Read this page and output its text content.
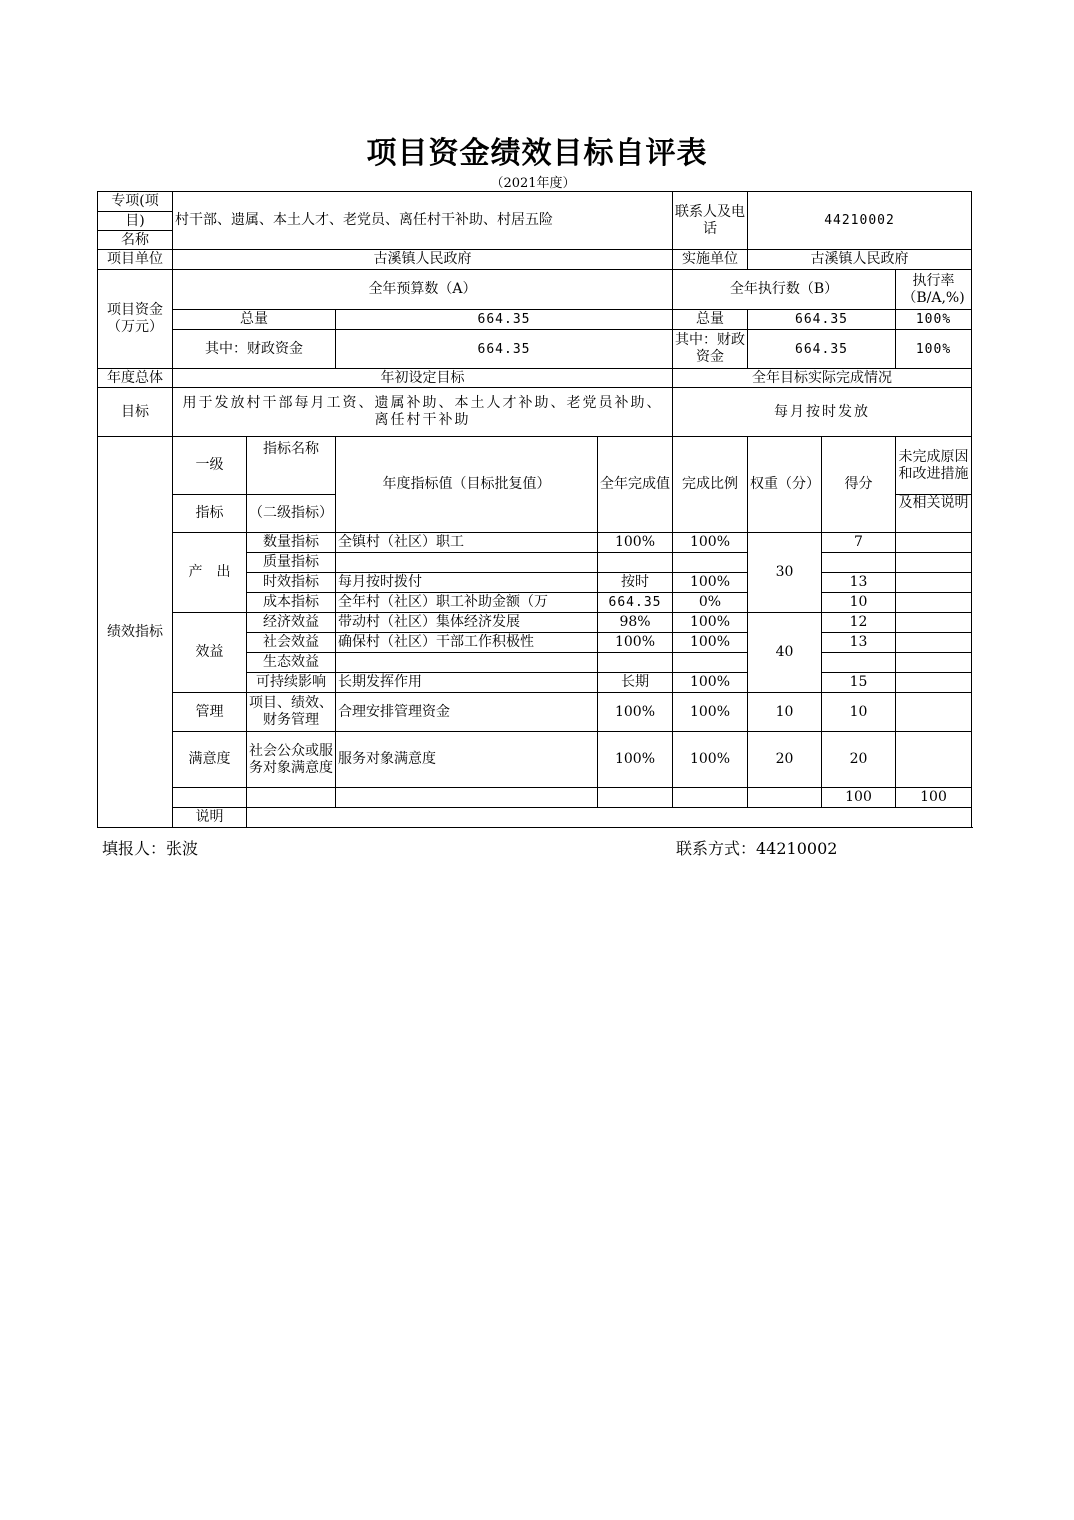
项目资金绩效目标自评表
（2021年度）
专项(项	村干部、遗属、本土人才、老党员、离任村干补助、村居五险				联系人及电话	44210002			
目)									
名称									
项目单位	古溪镇人民政府				实施单位	古溪镇人民政府			
项目资金（万元）	全年预算数（A）				全年执行数（B）			执行率（B/A,%)	
	总量		664.35		总量	664.35		100%	
	其中：财政资金		664.35		其中：财政资金	664.35		100%	
年度总体	年初设定目标				全年目标实际完成情况				
目标	用于发放村干部每月工资、遗属补助、本土人才补助、老党员补助、离任村干补助				每月按时发放				
绩效指标	一级	指标名称	年度指标值（目标批复值）	全年完成值	完成比例	权重（分）	得分	未完成原因和改进措施	
	指标	（二级指标）						及相关说明	
	产　出	数量指标	全镇村（社区）职工	100%	100%	30	7		
		质量指标							
		时效指标	每月按时拨付	按时	100%		13		
		成本指标	全年村（社区）职工补助金额（万	664.35	0%		10		
	效益	经济效益	带动村（社区）集体经济发展	98%	100%	40	12		
		社会效益	确保村（社区）干部工作积极性	100%	100%		13		
		生态效益							
		可持续影响	长期发挥作用	长期	100%		15		
	管理	项目、绩效、财务管理	合理安排管理资金	100%	100%	10	10		
	满意度	社会公众或服务对象满意度	服务对象满意度	100%	100%	20	20		
							100	100	
	说明								
填报人：张波	联系方式：44210002
